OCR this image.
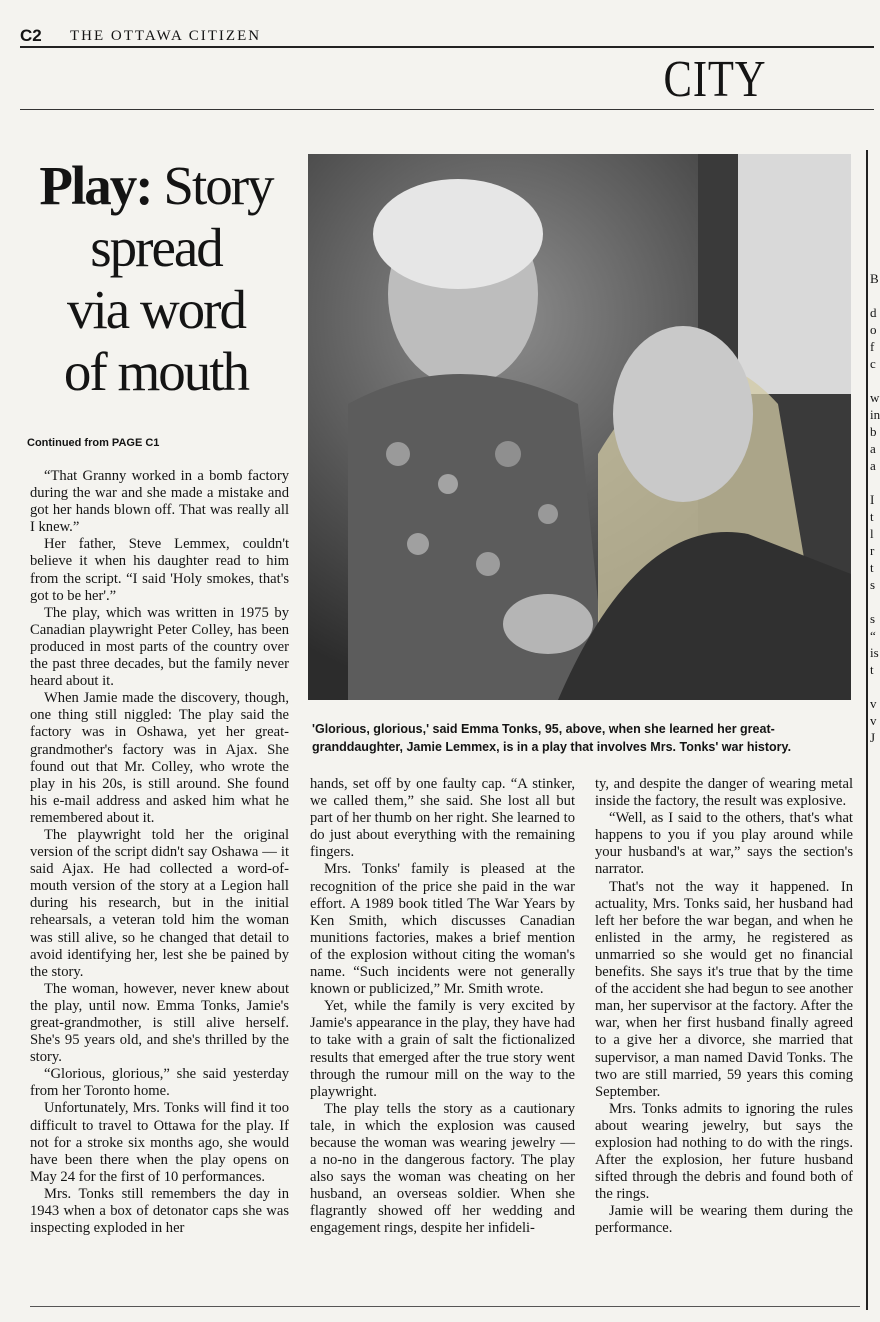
C2 THE OTTAWA CITIZEN
CITY
Play: Story
spread
via word
of mouth
Continued from PAGE C1
'Glorious, glorious,' said Emma Tonks, 95, above, when she learned her great-granddaughter, Jamie Lemmex, is in a play that involves Mrs. Tonks' war history.

“That Granny worked in a bomb factory during the war and she made a mistake and got her hands blown off. That was really all I knew.”

Her father, Steve Lemmex, couldn't believe it when his daughter read to him from the script. “I said 'Holy smokes, that's got to be her'.”

The play, which was written in 1975 by Canadian playwright Peter Colley, has been produced in most parts of the country over the past three decades, but the family never heard about it.

When Jamie made the discovery, though, one thing still niggled: The play said the factory was in Oshawa, yet her great-grandmother's factory was in Ajax. She found out that Mr. Colley, who wrote the play in his 20s, is still around. She found his e-mail address and asked him what he remembered about it.

The playwright told her the original version of the script didn't say Oshawa — it said Ajax. He had collected a word-of-mouth version of the story at a Legion hall during his research, but in the initial rehearsals, a veteran told him the woman was still alive, so he changed that detail to avoid identifying her, lest she be pained by the story.

The woman, however, never knew about the play, until now. Emma Tonks, Jamie's great-grandmother, is still alive herself. She's 95 years old, and she's thrilled by the story.

“Glorious, glorious,” she said yesterday from her Toronto home.

Unfortunately, Mrs. Tonks will find it too difficult to travel to Ottawa for the play. If not for a stroke six months ago, she would have been there when the play opens on May 24 for the first of 10 performances.

Mrs. Tonks still remembers the day in 1943 when a box of detonator caps she was inspecting exploded in her

hands, set off by one faulty cap. “A stinker, we called them,” she said. She lost all but part of her thumb on her right. She learned to do just about everything with the remaining fingers.

Mrs. Tonks' family is pleased at the recognition of the price she paid in the war effort. A 1989 book titled The War Years by Ken Smith, which discusses Canadian munitions factories, makes a brief mention of the explosion without citing the woman's name. “Such incidents were not generally known or publicized,” Mr. Smith wrote.

Yet, while the family is very excited by Jamie's appearance in the play, they have had to take with a grain of salt the fictionalized results that emerged after the true story went through the rumour mill on the way to the playwright.

The play tells the story as a cautionary tale, in which the explosion was caused because the woman was wearing jewelry — a no-no in the dangerous factory. The play also says the woman was cheating on her husband, an overseas soldier. When she flagrantly showed off her wedding and engagement rings, despite her infideli-

ty, and despite the danger of wearing metal inside the factory, the result was explosive.

“Well, as I said to the others, that's what happens to you if you play around while your husband's at war,” says the section's narrator.

That's not the way it happened. In actuality, Mrs. Tonks said, her husband had left her before the war began, and when he enlisted in the army, he registered as unmarried so she would get no financial benefits. She says it's true that by the time of the accident she had begun to see another man, her supervisor at the factory. After the war, when her first husband finally agreed to a give her a divorce, she married that supervisor, a man named David Tonks. The two are still married, 59 years this coming September.

Mrs. Tonks admits to ignoring the rules about wearing jewelry, but says the explosion had nothing to do with the rings. After the explosion, her future husband sifted through the debris and found both of the rings.

Jamie will be wearing them during the performance.

B

d
o
f
c

w
in
b
a
a

I
t
l
r
t
s

s
“
is
t

v
v
J
